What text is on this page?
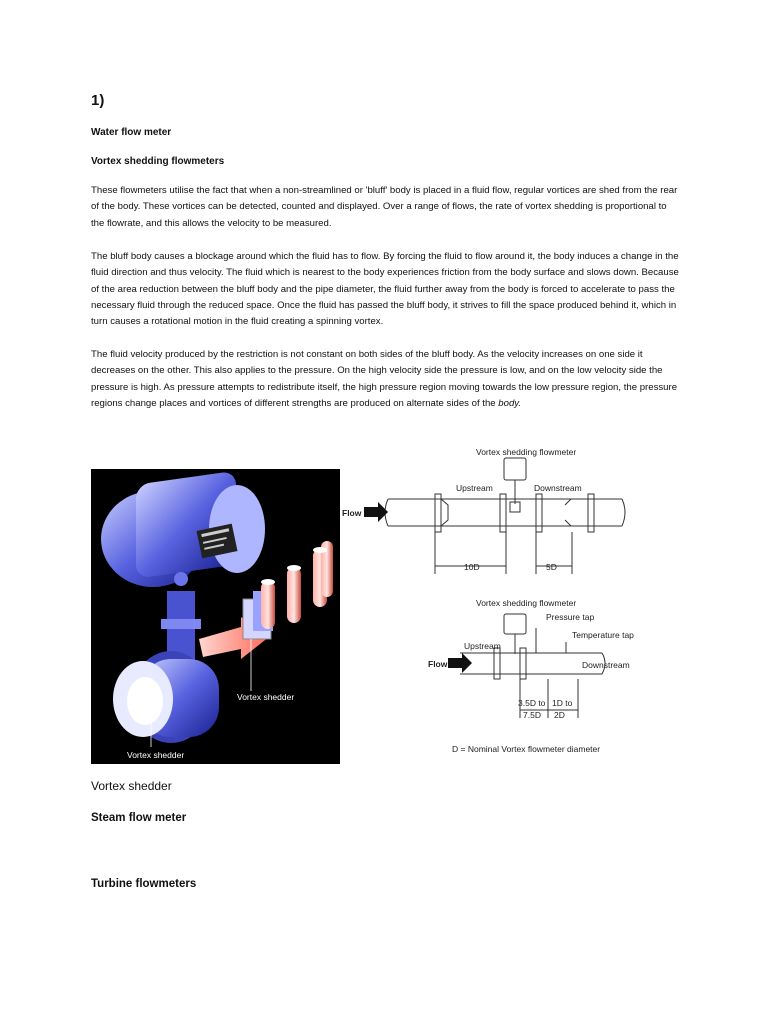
1)
Water flow meter
Vortex shedding flowmeters

These flowmeters utilise the fact that when a non-streamlined or 'bluff' body is placed in a fluid flow, regular vortices are shed from the rear of the body. These vortices can be detected, counted and displayed. Over a range of flows, the rate of vortex shedding is proportional to the flowrate, and this allows the velocity to be measured.

The bluff body causes a blockage around which the fluid has to flow. By forcing the fluid to flow around it, the body induces a change in the fluid direction and thus velocity. The fluid which is nearest to the body experiences friction from the body surface and slows down. Because of the area reduction between the bluff body and the pipe diameter, the fluid further away from the body is forced to accelerate to pass the necessary fluid through the reduced space. Once the fluid has passed the bluff body, it strives to fill the space produced behind it, which in turn causes a rotational motion in the fluid creating a spinning vortex.

The fluid velocity produced by the restriction is not constant on both sides of the bluff body. As the velocity increases on one side it decreases on the other. This also applies to the pressure. On the high velocity side the pressure is low, and on the low velocity side the pressure is high. As pressure attempts to redistribute itself, the high pressure region moving towards the low pressure region, the pressure regions change places and vortices of different strengths are produced on alternate sides of the body.

Vortex shedder
Vortex shedder
Vortex shedding flowmeter
Upstream	Downstream
Flow
10D	5D
Vortex shedding flowmeter
Pressure tap
Temperature tap
Upstream
Downstream
Flow
3.5D to
7.5D
1D to
2D
D = Nominal Vortex flowmeter diameter
Vortex shedder
Steam flow meter
Turbine flowmeters
